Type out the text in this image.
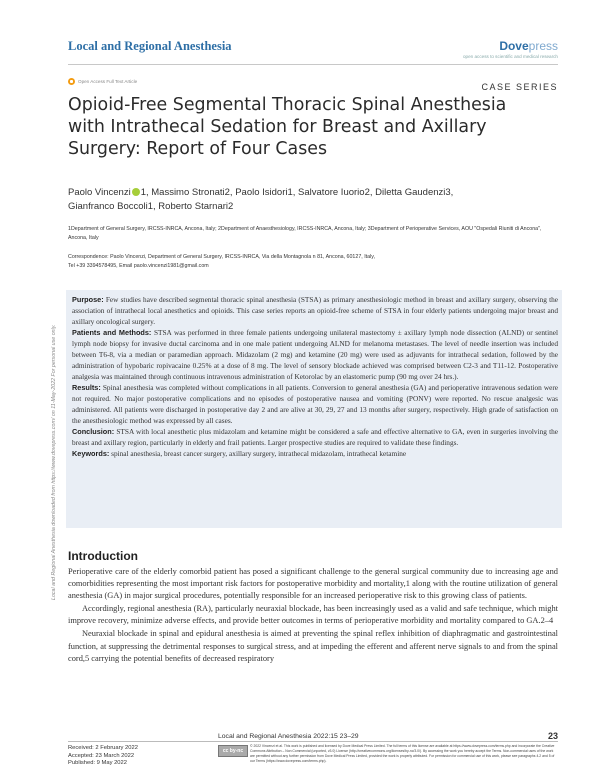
Local and Regional Anesthesia	Dovepress
open access to scientific and medical research
Open Access Full Text Article
CASE SERIES
Opioid-Free Segmental Thoracic Spinal Anesthesia with Intrathecal Sedation for Breast and Axillary Surgery: Report of Four Cases
Paolo Vincenzi 1, Massimo Stronati2, Paolo Isidori1, Salvatore Iuorio2, Diletta Gaudenzi3,
Gianfranco Boccoli1, Roberto Starnari2
1Department of General Surgery, IRCSS-INRCA, Ancona, Italy; 2Department of Anaesthesiology, IRCSS-INRCA, Ancona, Italy; 3Department of Perioperative Services, AOU "Ospedali Riuniti di Ancona", Ancona, Italy
Correspondence: Paolo Vincenzi, Department of General Surgery, IRCSS-INRCA, Via della Montagnola n 81, Ancona, 60127, Italy,
Tel +39 3394578495, Email paolo.vincenzi1981@gmail.com

Purpose: Few studies have described segmental thoracic spinal anesthesia (STSA) as primary anesthesiologic method in breast and axillary surgery, observing the association of intrathecal local anesthetics and opioids. This case series reports an opioid-free scheme of STSA in four elderly patients undergoing major breast and axillary oncological surgery.

Patients and Methods: STSA was performed in three female patients undergoing unilateral mastectomy ± axillary lymph node dissection (ALND) or sentinel lymph node biopsy for invasive ductal carcinoma and in one male patient undergoing ALND for melanoma metastases. The level of needle insertion was included between T6-8, via a median or paramedian approach. Midazolam (2 mg) and ketamine (20 mg) were used as adjuvants for intrathecal sedation, followed by the administration of hypobaric ropivacaine 0.25% at a dose of 8 mg. The level of sensory blockade achieved was comprised between C2-3 and T11-12. Postoperative analgesia was maintained through continuous intravenous administration of Ketorolac by an elastomeric pump (90 mg over 24 hrs.).

Results: Spinal anesthesia was completed without complications in all patients. Conversion to general anesthesia (GA) and perioperative intravenous sedation were not required. No major postoperative complications and no episodes of postoperative nausea and vomiting (PONV) were reported. No rescue analgesic was administered. All patients were discharged in postoperative day 2 and are alive at 30, 29, 27 and 13 months after surgery, respectively. High grade of satisfaction on the anesthesiologic method was expressed by all cases.

Conclusion: STSA with local anesthetic plus midazolam and ketamine might be considered a safe and effective alternative to GA, even in surgeries involving the breast and axillary region, particularly in elderly and frail patients. Larger prospective studies are required to validate these findings.

Keywords: spinal anesthesia, breast cancer surgery, axillary surgery, intrathecal midazolam, intrathecal ketamine

Introduction

Perioperative care of the elderly comorbid patient has posed a significant challenge to the general surgical community due to increasing age and comorbidities representing the most important risk factors for postoperative morbidity and mortality,1 along with the routine utilization of general anesthesia (GA) in major surgical procedures, potentially responsible for an increased perioperative risk to this growing class of patients.

Accordingly, regional anesthesia (RA), particularly neuraxial blockade, has been increasingly used as a valid and safe technique, which might improve recovery, minimize adverse effects, and provide better outcomes in terms of perioperative morbidity and mortality compared to GA.2–4

Neuraxial blockade in spinal and epidural anesthesia is aimed at preventing the spinal reflex inhibition of diaphragmatic and gastrointestinal function, at suppressing the detrimental responses to surgical stress, and at impeding the efferent and afferent nerve signals to and from the spinal cord,5 carrying the potential benefits of decreased respiratory

Local and Regional Anesthesia downloaded from https://www.dovepress.com/ on 11-May-2022 For personal use only.
Local and Regional Anesthesia 2022:15 23–29	23
Received: 2 February 2022
Accepted: 23 March 2022
Published: 9 May 2022
cc by-nc
© 2022 Vincenzi et al. This work is published and licensed by Dove Medical Press Limited. The full terms of this license are available at https://www.dovepress.com/terms.php and incorporate the Creative Commons Attribution – Non Commercial (unported, v3.0) License (http://creativecommons.org/licenses/by-nc/3.0/). By accessing the work you hereby accept the Terms. Non-commercial uses of the work are permitted without any further permission from Dove Medical Press Limited, provided the work is properly attributed. For permission for commercial use of this work, please see paragraphs 4.2 and 5 of our Terms (https://www.dovepress.com/terms.php).
